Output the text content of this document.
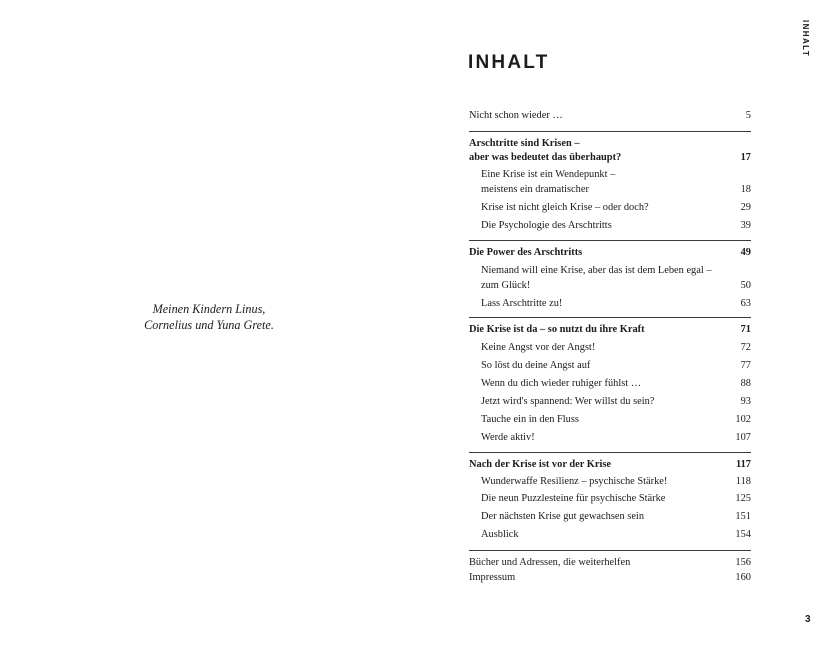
Meinen Kindern Linus,
Cornelius und Yuna Grete.
INHALT
INHALT
Nicht schon wieder …	5
Arschtritte sind Krisen –
aber was bedeutet das überhaupt?	17
Eine Krise ist ein Wendepunkt –
meistens ein dramatischer	18
Krise ist nicht gleich Krise – oder doch?	29
Die Psychologie des Arschtritts	39
Die Power des Arschtritts	49
Niemand will eine Krise, aber das ist dem Leben egal –
zum Glück!	50
Lass Arschtritte zu!	63
Die Krise ist da – so nutzt du ihre Kraft	71
Keine Angst vor der Angst!	72
So löst du deine Angst auf	77
Wenn du dich wieder ruhiger fühlst …	88
Jetzt wird's spannend: Wer willst du sein?	93
Tauche ein in den Fluss	102
Werde aktiv!	107
Nach der Krise ist vor der Krise	117
Wunderwaffe Resilienz – psychische Stärke!	118
Die neun Puzzlesteine für psychische Stärke	125
Der nächsten Krise gut gewachsen sein	151
Ausblick	154
Bücher und Adressen, die weiterhelfen	156
Impressum	160
3
